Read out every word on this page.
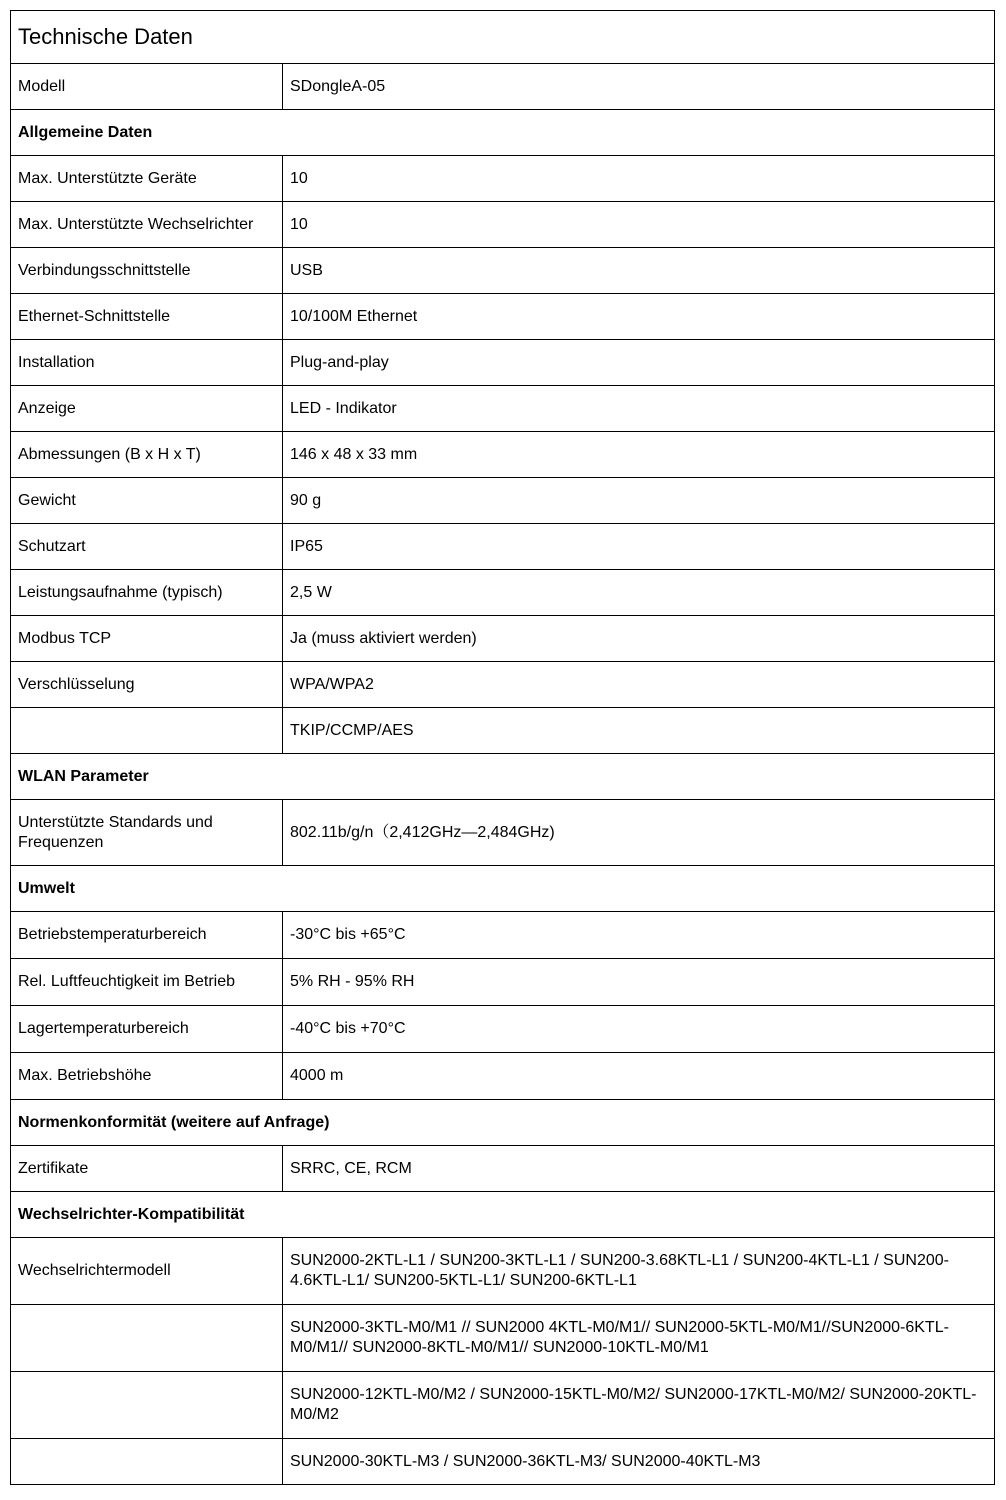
Technische Daten	
Modell	SDongleA-05
Allgemeine Daten	
Max. Unterstützte Geräte	10
Max. Unterstützte Wechselrichter	10
Verbindungsschnittstelle	USB
Ethernet-Schnittstelle	10/100M Ethernet
Installation	Plug-and-play
Anzeige	LED - Indikator
Abmessungen (B x H x T)	146 x 48 x 33 mm
Gewicht	90 g
Schutzart	IP65
Leistungsaufnahme (typisch)	2,5 W
Modbus TCP	Ja (muss aktiviert werden)
Verschlüsselung	WPA/WPA2
	TKIP/CCMP/AES
WLAN Parameter	
Unterstützte Standards und Frequenzen	802.11b/g/n（2,412GHz—2,484GHz)
Umwelt	
Betriebstemperaturbereich	-30°C bis +65°C
Rel. Luftfeuchtigkeit im Betrieb	5% RH - 95% RH
Lagertemperaturbereich	-40°C bis +70°C
Max. Betriebshöhe	4000 m
Normenkonformität (weitere auf Anfrage)	
Zertifikate	SRRC, CE, RCM
Wechselrichter-Kompatibilität	
Wechselrichtermodell	SUN2000-2KTL-L1 / SUN200-3KTL-L1 / SUN200-3.68KTL-L1 / SUN200-4KTL-L1 / SUN200-4.6KTL-L1/ SUN200-5KTL-L1/ SUN200-6KTL-L1
	SUN2000-3KTL-M0/M1 // SUN2000 4KTL-M0/M1// SUN2000-5KTL-M0/M1//SUN2000-6KTL-M0/M1// SUN2000-8KTL-M0/M1// SUN2000-10KTL-M0/M1
	SUN2000-12KTL-M0/M2 / SUN2000-15KTL-M0/M2/ SUN2000-17KTL-M0/M2/ SUN2000-20KTL-M0/M2
	SUN2000-30KTL-M3 / SUN2000-36KTL-M3/ SUN2000-40KTL-M3
